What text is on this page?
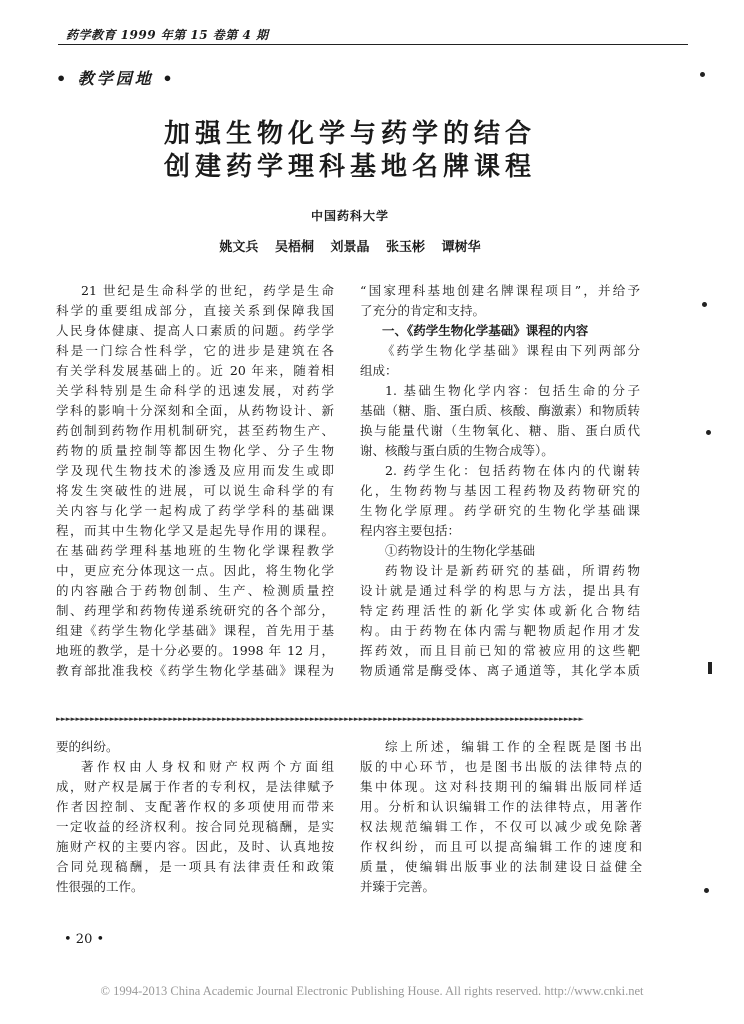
药学教育 1999 年第 15 卷第 4 期
• 教学园地 •
加强生物化学与药学的结合
创建药学理科基地名牌课程
中国药科大学
姚文兵 吴梧桐 刘景晶 张玉彬 谭树华
21 世纪是生命科学的世纪，药学是生命
科学的重要组成部分，直接关系到保障我国
人民身体健康、提高人口素质的问题。药学学
科是一门综合性科学，它的进步是建筑在各
有关学科发展基础上的。近 20 年来，随着相
关学科特别是生命科学的迅速发展，对药学
学科的影响十分深刻和全面，从药物设计、新
药创制到药物作用机制研究，甚至药物生产、
药物的质量控制等都因生物化学、分子生物
学及现代生物技术的渗透及应用而发生或即
将发生突破性的进展，可以说生命科学的有
关内容与化学一起构成了药学学科的基础课
程，而其中生物化学又是起先导作用的课程。
在基础药学理科基地班的生物化学课程教学
中，更应充分体现这一点。因此，将生物化学
的内容融合于药物创制、生产、检测质量控
制、药理学和药物传递系统研究的各个部分，
组建《药学生物化学基础》课程，首先用于基
地班的教学，是十分必要的。1998 年 12 月，
教育部批准我校《药学生物化学基础》课程为
“国家理科基地创建名牌课程项目”，并给予
了充分的肯定和支持。
一、《药学生物化学基础》课程的内容
《药学生物化学基础》课程由下列两部分
组成：
1. 基础生物化学内容：包括生命的分子
基础（糖、脂、蛋白质、核酸、酶激素）和物质转
换与能量代谢（生物氧化、糖、脂、蛋白质代
谢、核酸与蛋白质的生物合成等）。
2. 药学生化：包括药物在体内的代谢转
化，生物药物与基因工程药物及药物研究的
生物化学原理。药学研究的生物化学基础课
程内容主要包括：
①药物设计的生物化学基础
药物设计是新药研究的基础，所谓药物
设计就是通过科学的构思与方法，提出具有
特定药理活性的新化学实体或新化合物结
构。由于药物在体内需与靶物质起作用才发
挥药效，而且目前已知的常被应用的这些靶
物质通常是酶受体、离子通道等，其化学本质
►►►►►►►►►►►►►►►►►►►►►►►►►►►►►►►►►►►►►►►►►►►►►►►►►►►►►►►►►►►►►►►►►►►►►►►►►►►►►►►►►►►►►►►►►►►►►►►►►►►►►►►►►►►►
要的纠纷。
著作权由人身权和财产权两个方面组
成，财产权是属于作者的专利权，是法律赋予
作者因控制、支配著作权的多项使用而带来
一定收益的经济权利。按合同兑现稿酬，是实
施财产权的主要内容。因此，及时、认真地按
合同兑现稿酬，是一项具有法律责任和政策
性很强的工作。
综上所述，编辑工作的全程既是图书出
版的中心环节，也是图书出版的法律特点的
集中体现。这对科技期刊的编辑出版同样适
用。分析和认识编辑工作的法律特点，用著作
权法规范编辑工作，不仅可以减少或免除著
作权纠纷，而且可以提高编辑工作的速度和
质量，使编辑出版事业的法制建设日益健全
并臻于完善。
• 20 •
© 1994-2013 China Academic Journal Electronic Publishing House. All rights reserved. http://www.cnki.net
